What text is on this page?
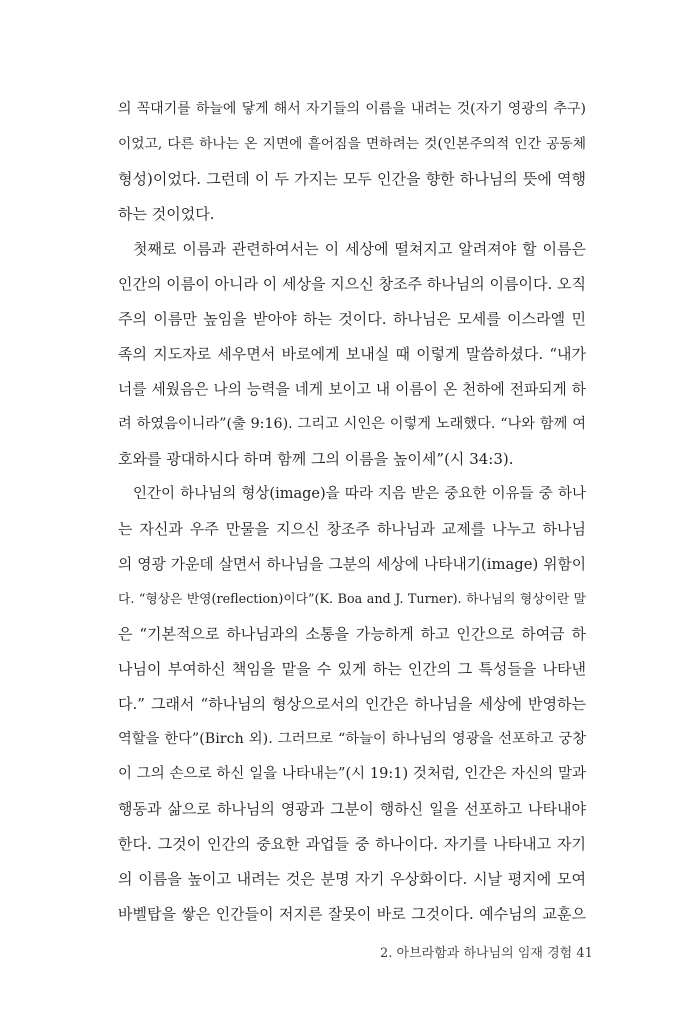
의 꼭대기를 하늘에 닿게 해서 자기들의 이름을 내려는 것(자기 영광의 추구)
이었고, 다른 하나는 온 지면에 흩어짐을 면하려는 것(인본주의적 인간 공동체
형성)이었다. 그런데 이 두 가지는 모두 인간을 향한 하나님의 뜻에 역행
하는 것이었다.
첫째로 이름과 관련하여서는 이 세상에 떨쳐지고 알려져야 할 이름은
인간의 이름이 아니라 이 세상을 지으신 창조주 하나님의 이름이다. 오직
주의 이름만 높임을 받아야 하는 것이다. 하나님은 모세를 이스라엘 민
족의 지도자로 세우면서 바로에게 보내실 때 이렇게 말씀하셨다. “내가
너를 세웠음은 나의 능력을 네게 보이고 내 이름이 온 천하에 전파되게 하
려 하였음이니라”(출 9:16). 그리고 시인은 이렇게 노래했다. “나와 함께 여
호와를 광대하시다 하며 함께 그의 이름을 높이세”(시 34:3).
인간이 하나님의 형상(image)을 따라 지음 받은 중요한 이유들 중 하나
는 자신과 우주 만물을 지으신 창조주 하나님과 교제를 나누고 하나님
의 영광 가운데 살면서 하나님을 그분의 세상에 나타내기(image) 위함이
다. “형상은 반영(reflection)이다”(K. Boa and J. Turner). 하나님의 형상이란 말
은 “기본적으로 하나님과의 소통을 가능하게 하고 인간으로 하여금 하
나님이 부여하신 책임을 맡을 수 있게 하는 인간의 그 특성들을 나타낸
다.” 그래서 “하나님의 형상으로서의 인간은 하나님을 세상에 반영하는
역할을 한다”(Birch 외). 그러므로 “하늘이 하나님의 영광을 선포하고 궁창
이 그의 손으로 하신 일을 나타내는”(시 19:1) 것처럼, 인간은 자신의 말과
행동과 삶으로 하나님의 영광과 그분이 행하신 일을 선포하고 나타내야
한다. 그것이 인간의 중요한 과업들 중 하나이다. 자기를 나타내고 자기
의 이름을 높이고 내려는 것은 분명 자기 우상화이다. 시날 평지에 모여
바벨탑을 쌓은 인간들이 저지른 잘못이 바로 그것이다. 예수님의 교훈으
2. 아브라함과 하나님의 임재 경험 41
